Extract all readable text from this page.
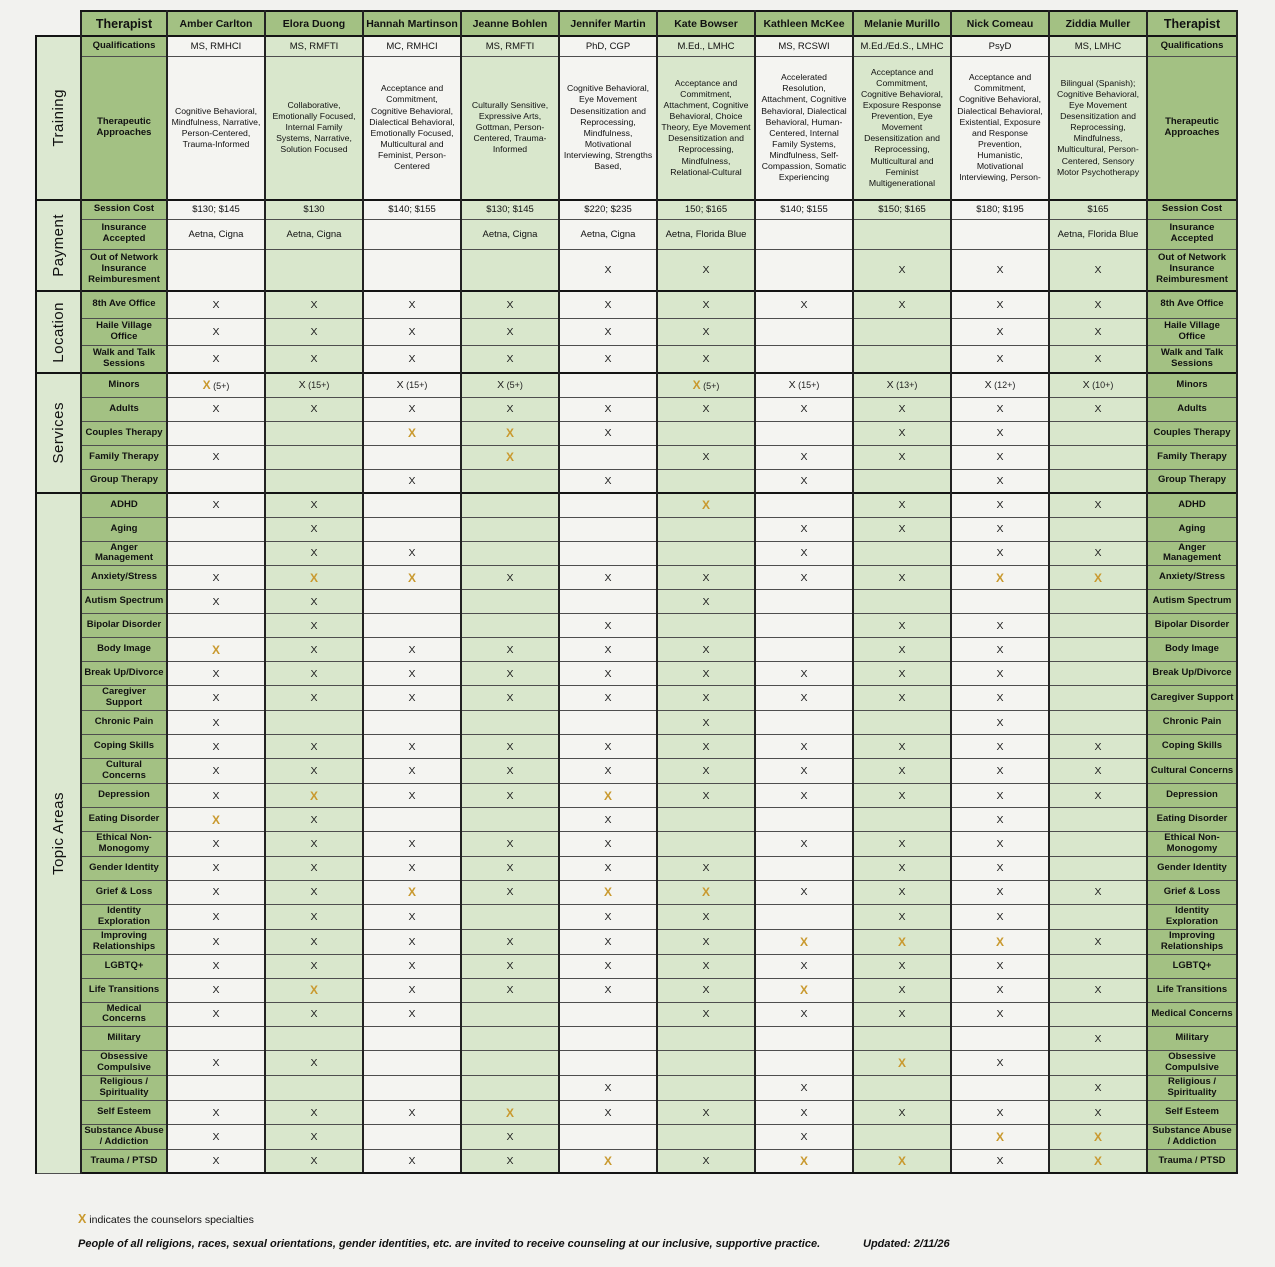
	Therapist	Amber Carlton	Elora Duong	Hannah Martinson	Jeanne Bohlen	Jennifer Martin	Kate Bowser	Kathleen McKee	Melanie Murillo	Nick Comeau	Ziddia Muller	Therapist

Training	Qualifications	MS, RMHCI	MS, RMFTI	MC, RMHCI	MS, RMFTI	PhD, CGP	M.Ed., LMHC	MS, RCSWI	M.Ed./Ed.S., LMHC	PsyD	MS, LMHC	Qualifications
	Therapeutic Approaches	Cognitive Behavioral, Mindfulness, Narrative, Person-Centered, Trauma-Informed	Collaborative, Emotionally Focused, Internal Family Systems, Narrative, Solution Focused	Acceptance and Commitment, Cognitive Behavioral, Dialectical Behavioral, Emotionally Focused, Multicultural and Feminist, Person-Centered	Culturally Sensitive, Expressive Arts, Gottman, Person-Centered, Trauma-Informed	Cognitive Behavioral, Eye Movement Desensitization and Reprocessing, Mindfulness, Motivational Interviewing, Strengths Based,	Acceptance and Commitment, Attachment, Cognitive Behavioral, Choice Theory, Eye Movement Desensitization and Reprocessing, Mindfulness, Relational-Cultural	Accelerated Resolution, Attachment, Cognitive Behavioral, Dialectical Behavioral, Human-Centered, Internal Family Systems, Mindfulness, Self-Compassion, Somatic Experiencing	Acceptance and Commitment, Cognitive Behavioral, Exposure Response Prevention, Eye Movement Desensitization and Reprocessing, Multicultural and Feminist Multigenerational	Acceptance and Commitment, Cognitive Behavioral, Dialectical Behavioral, Existential, Exposure and Response Prevention, Humanistic, Motivational Interviewing, Person-	Bilingual (Spanish); Cognitive Behavioral, Eye Movement Desensitization and Reprocessing, Mindfulness, Multicultural, Person-Centered, Sensory Motor Psychotherapy	Therapeutic Approaches

Payment	Session Cost	$130; $145	$130	$140; $155	$130; $145	$220; $235	150; $165	$140; $155	$150; $165	$180; $195	$165	Session Cost
	Insurance Accepted	Aetna, Cigna	Aetna, Cigna		Aetna, Cigna	Aetna, Cigna	Aetna, Florida Blue				Aetna, Florida Blue	Insurance Accepted
	Out of Network Insurance Reimburesment					X	X		X	X	X	Out of Network Insurance Reimburesment

Location	8th Ave Office	X	X	X	X	X	X	X	X	X	X	8th Ave Office
	Haile Village Office	X	X	X	X	X	X			X	X	Haile Village Office
	Walk and Talk Sessions	X	X	X	X	X	X			X	X	Walk and Talk Sessions

Services	Minors	X (5+)	X (15+)	X (15+)	X (5+)		X (5+)	X (15+)	X (13+)	X (12+)	X (10+)	Minors
	Adults	X	X	X	X	X	X	X	X	X	X	Adults
	Couples Therapy			X	X	X			X	X		Couples Therapy
	Family Therapy	X			X		X	X	X	X		Family Therapy
	Group Therapy			X		X		X		X		Group Therapy

Topic Areas	ADHD	X	X				X		X	X	X	ADHD
	Aging		X					X	X	X		Aging
	Anger Management		X	X				X		X	X	Anger Management
	Anxiety/Stress	X	X	X	X	X	X	X	X	X	X	Anxiety/Stress
	Autism Spectrum	X	X				X					Autism Spectrum
	Bipolar Disorder		X			X			X	X		Bipolar Disorder
	Body Image	X	X	X	X	X	X		X	X		Body Image
	Break Up/Divorce	X	X	X	X	X	X	X	X	X		Break Up/Divorce
	Caregiver Support	X	X	X	X	X	X	X	X	X		Caregiver Support
	Chronic Pain	X					X			X		Chronic Pain
	Coping Skills	X	X	X	X	X	X	X	X	X	X	Coping Skills
	Cultural Concerns	X	X	X	X	X	X	X	X	X	X	Cultural Concerns
	Depression	X	X	X	X	X	X	X	X	X	X	Depression
	Eating Disorder	X	X			X				X		Eating Disorder
	Ethical Non-Monogomy	X	X	X	X	X		X	X	X		Ethical Non-Monogomy
	Gender Identity	X	X	X	X	X	X		X	X		Gender Identity
	Grief & Loss	X	X	X	X	X	X	X	X	X	X	Grief & Loss
	Identity Exploration	X	X	X		X	X		X	X		Identity Exploration
	Improving Relationships	X	X	X	X	X	X	X	X	X	X	Improving Relationships
	LGBTQ+	X	X	X	X	X	X	X	X	X		LGBTQ+
	Life Transitions	X	X	X	X	X	X	X	X	X	X	Life Transitions
	Medical Concerns	X	X	X			X	X	X	X		Medical Concerns
	Military										X	Military
	Obsessive Compulsive	X	X						X	X		Obsessive Compulsive
	Religious / Spirituality					X		X			X	Religious / Spirituality
	Self Esteem	X	X	X	X	X	X	X	X	X	X	Self Esteem
	Substance Abuse / Addiction	X	X		X			X		X	X	Substance Abuse / Addiction
	Trauma / PTSD	X	X	X	X	X	X	X	X	X	X	Trauma / PTSD
X indicates the counselors specialties
People of all religions, races, sexual orientations, gender identities, etc. are invited to receive counseling at our inclusive, supportive practice.	Updated: 2/11/26
